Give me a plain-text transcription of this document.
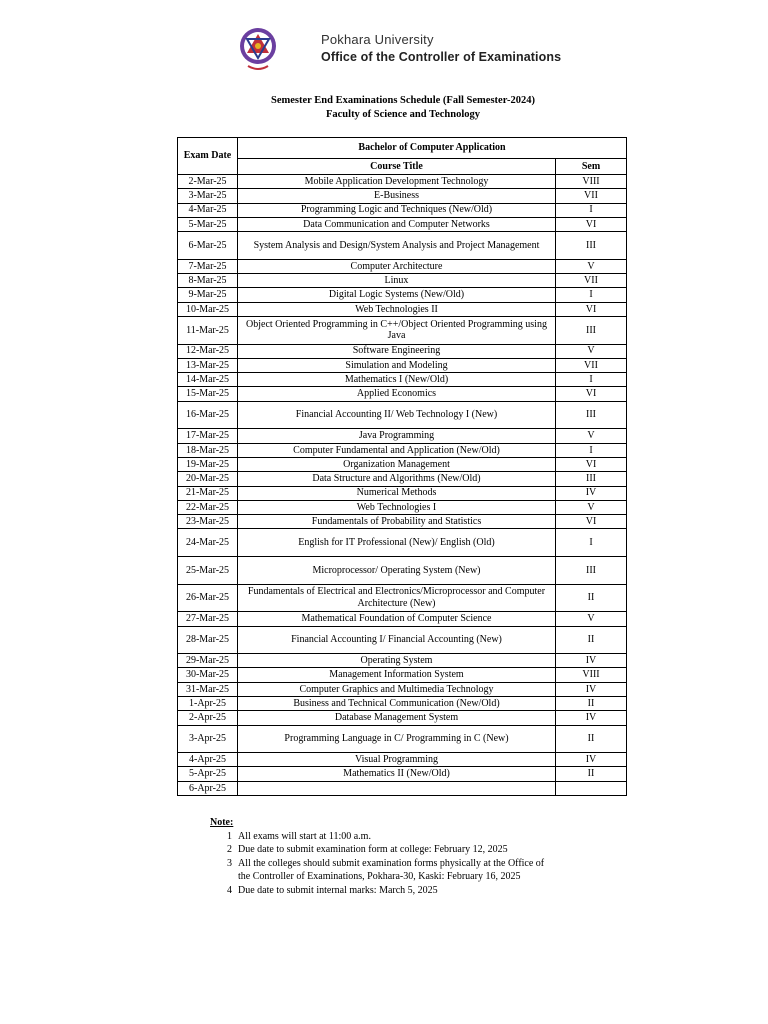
Pokhara University
Office of the Controller of Examinations
Semester End Examinations Schedule (Fall Semester-2024)
Faculty of Science and Technology
Exam Date	Bachelor of Computer Application	
	Course Title	Sem
2-Mar-25	Mobile Application Development Technology	VIII
3-Mar-25	E-Business	VII
4-Mar-25	Programming Logic and Techniques (New/Old)	I
5-Mar-25	Data Communication and Computer Networks	VI
6-Mar-25	System Analysis and Design/System Analysis and Project Management	III
7-Mar-25	Computer Architecture	V
8-Mar-25	Linux	VII
9-Mar-25	Digital Logic Systems (New/Old)	I
10-Mar-25	Web Technologies II	VI
11-Mar-25	Object Oriented Programming in C++/Object Oriented Programming using Java	III
12-Mar-25	Software Engineering	V
13-Mar-25	Simulation and Modeling	VII
14-Mar-25	Mathematics I (New/Old)	I
15-Mar-25	Applied Economics	VI
16-Mar-25	Financial Accounting II/ Web Technology I (New)	III
17-Mar-25	Java Programming	V
18-Mar-25	Computer Fundamental and Application (New/Old)	I
19-Mar-25	Organization Management	VI
20-Mar-25	Data Structure and Algorithms (New/Old)	III
21-Mar-25	Numerical Methods	IV
22-Mar-25	Web Technologies I	V
23-Mar-25	Fundamentals of Probability and Statistics	VI
24-Mar-25	English for IT Professional (New)/ English (Old)	I
25-Mar-25	Microprocessor/ Operating System (New)	III
26-Mar-25	Fundamentals of Electrical and Electronics/Microprocessor and Computer Architecture (New)	II
27-Mar-25	Mathematical Foundation of Computer Science	V
28-Mar-25	Financial Accounting I/ Financial Accounting (New)	II
29-Mar-25	Operating System	IV
30-Mar-25	Management Information System	VIII
31-Mar-25	Computer Graphics and Multimedia Technology	IV
1-Apr-25	Business and Technical Communication (New/Old)	II
2-Apr-25	Database Management System	IV
3-Apr-25	Programming Language in C/ Programming in C (New)	II
4-Apr-25	Visual Programming	IV
5-Apr-25	Mathematics II (New/Old)	II
6-Apr-25		
Note:
1 All exams will start at 11:00 a.m.
2 Due date to submit examination form at college: February 12, 2025
3 All the colleges should submit examination forms physically at the Office of the Controller of Examinations, Pokhara-30, Kaski: February 16, 2025
4 Due date to submit internal marks: March 5, 2025
